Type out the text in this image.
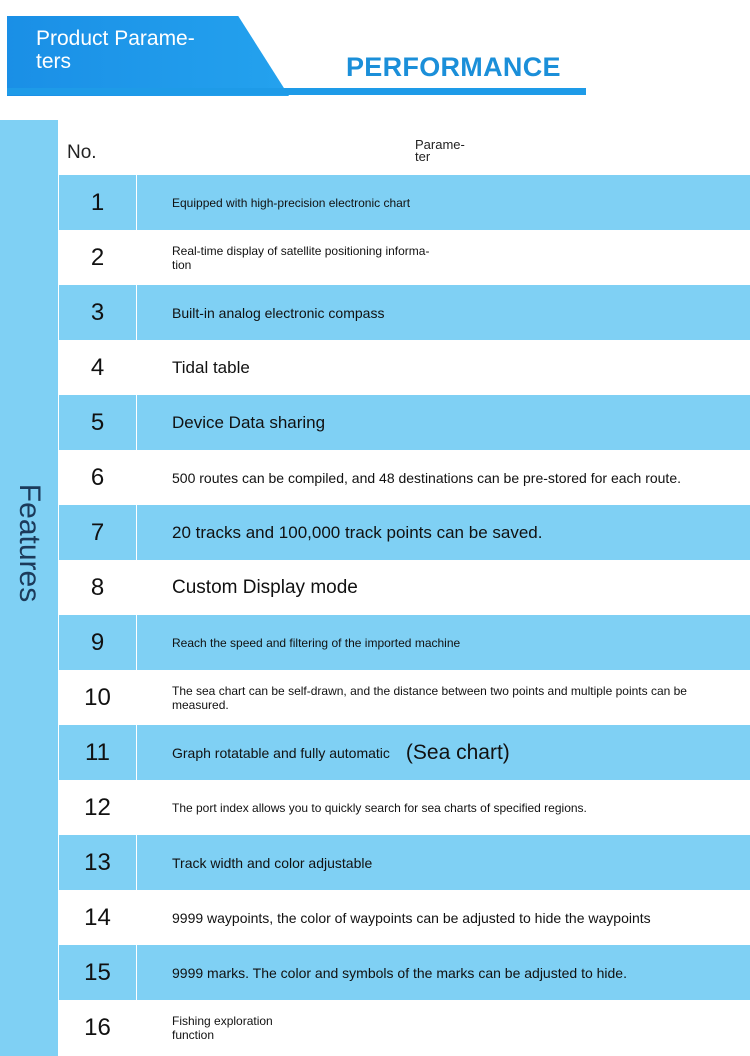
Product Parame-
ters	PERFORMANCE
Features
No.	Parame-
ter
1	Equipped with high-precision electronic chart
2	Real-time display of satellite positioning informa-
tion
3	Built-in analog electronic compass
4	Tidal table
5	Device Data sharing
6	500 routes can be compiled, and 48 destinations can be pre-stored for each route.
7	20 tracks and 100,000 track points can be saved.
8	Custom Display mode
9	Reach the speed and filtering of the imported machine
10	The sea chart can be self-drawn, and the distance between two points and multiple points can be measured.
11	Graph rotatable and fully automatic (Sea chart)
12	The port index allows you to quickly search for sea charts of specified regions.
13	Track width and color adjustable
14	9999 waypoints, the color of waypoints can be adjusted to hide the waypoints
15	9999 marks. The color and symbols of the marks can be adjusted to hide.
16	Fishing exploration
function
